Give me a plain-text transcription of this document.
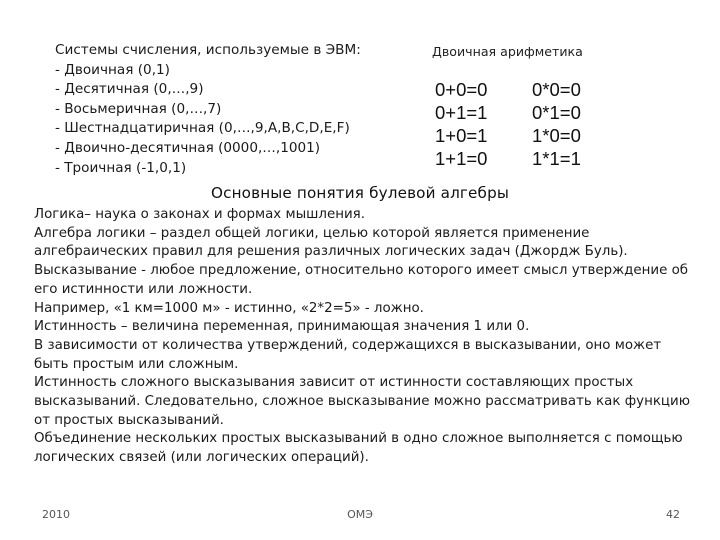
Системы счисления, используемые в ЭВМ:
- Двоичная (0,1)
- Десятичная (0,…,9)
- Восьмеричная (0,…,7)
- Шестнадцатиричная (0,…,9,A,B,C,D,E,F)
- Двоично-десятичная (0000,…,1001)
- Троичная (-1,0,1)
Двоичная арифметика
0+0=0
0+1=1
1+0=1
1+1=0
0*0=0
0*1=0
1*0=0
1*1=1
Основные понятия булевой алгебры

Логика– наука о законах и формах мышления.

Алгебра логики – раздел общей логики, целью которой является применение алгебраических правил для решения различных логических задач (Джордж Буль).

Высказывание - любое предложение, относительно которого имеет смысл утверждение об его истинности или ложности.

Например, «1 км=1000 м» - истинно, «2*2=5» - ложно.

Истинность – величина переменная, принимающая значения 1 или 0.

В зависимости от количества утверждений, содержащихся в высказывании, оно может быть простым или сложным.

Истинность сложного высказывания зависит от истинности составляющих простых высказываний. Следовательно, сложное высказывание можно рассматривать как функцию от простых высказываний.

Объединение нескольких простых высказываний в одно сложное выполняется с помощью логических связей (или логических операций).

2010	ОМЭ	42
